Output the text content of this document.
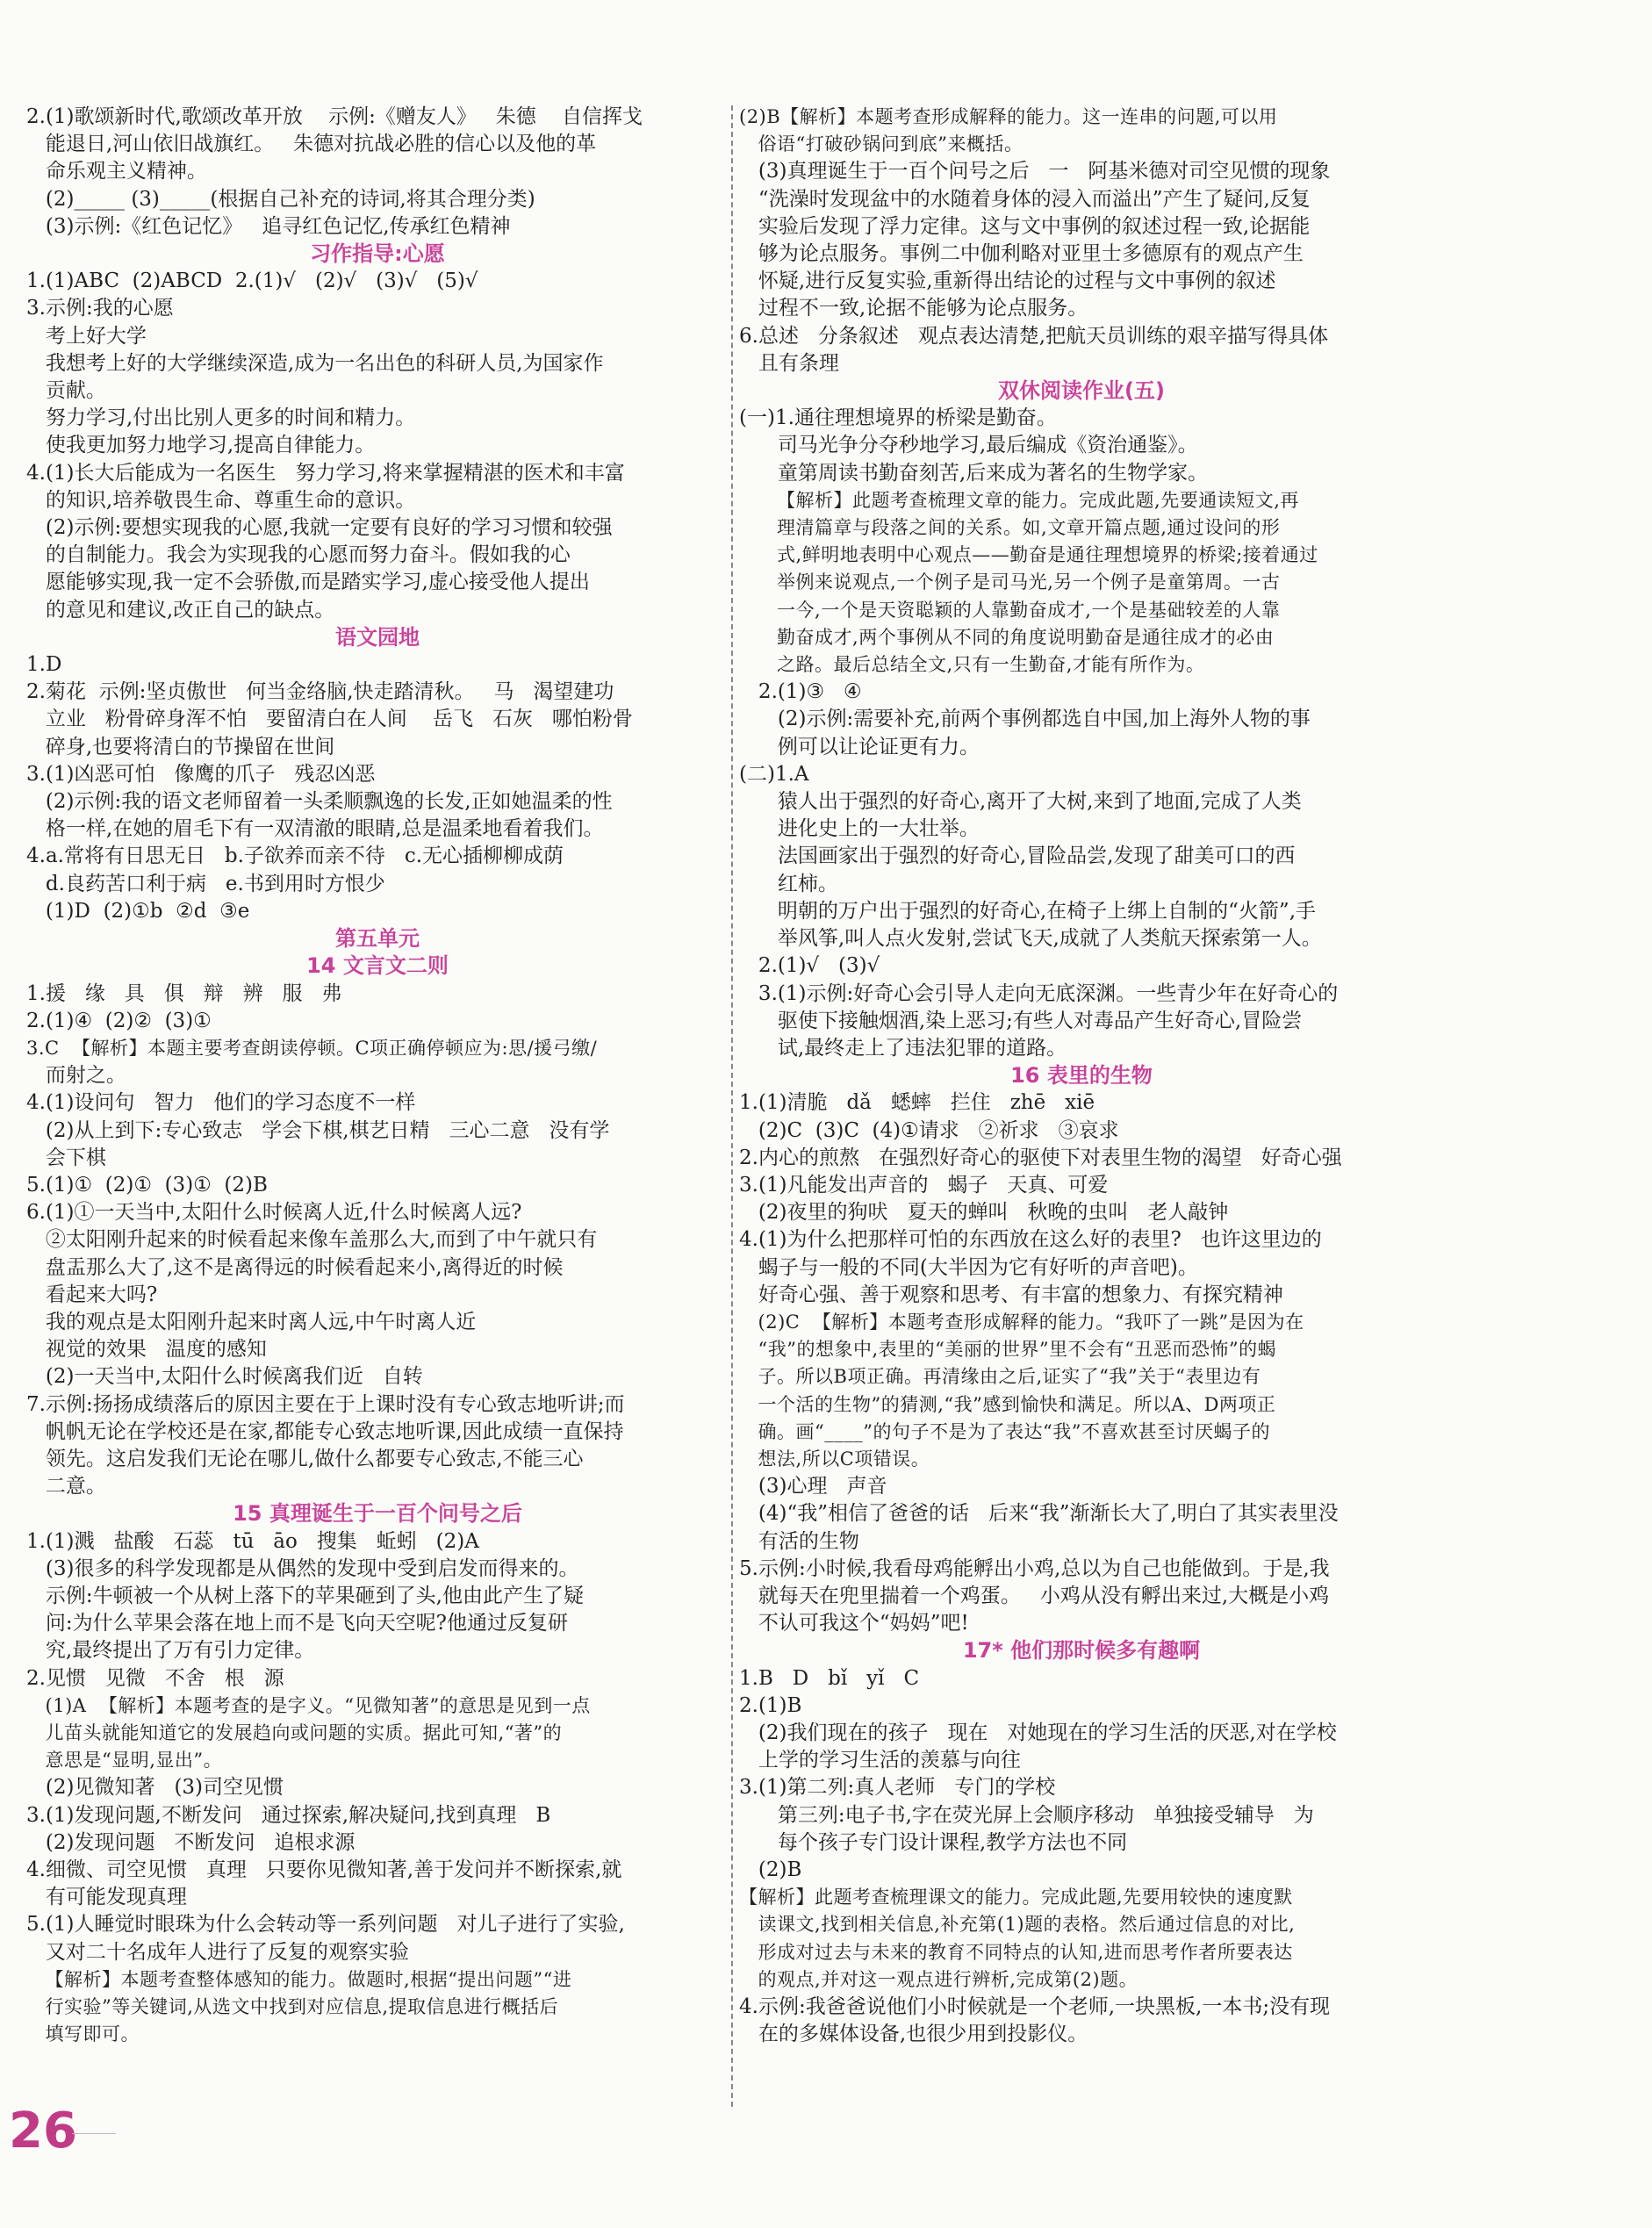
2.(1)歌颂新时代,歌颂改革开放    示例:《赠友人》   朱德    自信挥戈
能退日,河山依旧战旗红。   朱德对抗战必胜的信心以及他的革
命乐观主义精神。
(2)_____ (3)_____(根据自己补充的诗词,将其合理分类)
(3)示例:《红色记忆》   追寻红色记忆,传承红色精神
习作指导:心愿
1.(1)ABC  (2)ABCD  2.(1)√   (2)√   (3)√   (5)√
3.示例:我的心愿
考上好大学
我想考上好的大学继续深造,成为一名出色的科研人员,为国家作
贡献。
努力学习,付出比别人更多的时间和精力。
使我更加努力地学习,提高自律能力。
4.(1)长大后能成为一名医生   努力学习,将来掌握精湛的医术和丰富
的知识,培养敬畏生命、尊重生命的意识。
(2)示例:要想实现我的心愿,我就一定要有良好的学习习惯和较强
的自制能力。我会为实现我的心愿而努力奋斗。假如我的心
愿能够实现,我一定不会骄傲,而是踏实学习,虚心接受他人提出
的意见和建议,改正自己的缺点。
语文园地
1.D
2.菊花  示例:坚贞傲世   何当金络脑,快走踏清秋。   马   渴望建功
立业   粉骨碎身浑不怕   要留清白在人间    岳飞   石灰   哪怕粉骨
碎身,也要将清白的节操留在世间
3.(1)凶恶可怕   像鹰的爪子   残忍凶恶
(2)示例:我的语文老师留着一头柔顺飘逸的长发,正如她温柔的性
格一样,在她的眉毛下有一双清澈的眼睛,总是温柔地看着我们。
4.a.常将有日思无日   b.子欲养而亲不待   c.无心插柳柳成荫
d.良药苦口利于病   e.书到用时方恨少
(1)D  (2)①b  ②d  ③e
第五单元
14 文言文二则
1.援   缘   具   俱   辩   辨   服   弗
2.(1)④  (2)②  (3)①
3.C  【解析】本题主要考查朗读停顿。C项正确停顿应为:思/援弓缴/
而射之。
4.(1)设问句   智力   他们的学习态度不一样
(2)从上到下:专心致志   学会下棋,棋艺日精   三心二意   没有学
会下棋
5.(1)①  (2)①  (3)①  (2)B
6.(1)①一天当中,太阳什么时候离人近,什么时候离人远?
②太阳刚升起来的时候看起来像车盖那么大,而到了中午就只有
盘盂那么大了,这不是离得远的时候看起来小,离得近的时候
看起来大吗?
我的观点是太阳刚升起来时离人远,中午时离人近
视觉的效果   温度的感知
(2)一天当中,太阳什么时候离我们近   自转
7.示例:扬扬成绩落后的原因主要在于上课时没有专心致志地听讲;而
帆帆无论在学校还是在家,都能专心致志地听课,因此成绩一直保持
领先。这启发我们无论在哪儿,做什么都要专心致志,不能三心
二意。
15 真理诞生于一百个问号之后
1.(1)溅   盐酸   石蕊   tū   āo   搜集   蚯蚓   (2)A
(3)很多的科学发现都是从偶然的发现中受到启发而得来的。
示例:牛顿被一个从树上落下的苹果砸到了头,他由此产生了疑
问:为什么苹果会落在地上而不是飞向天空呢?他通过反复研
究,最终提出了万有引力定律。
2.见惯   见微   不舍   根   源
(1)A  【解析】本题考查的是字义。“见微知著”的意思是见到一点
儿苗头就能知道它的发展趋向或问题的实质。据此可知,“著”的
意思是“显明,显出”。
(2)见微知著   (3)司空见惯
3.(1)发现问题,不断发问   通过探索,解决疑问,找到真理   B
(2)发现问题   不断发问   追根求源
4.细微、司空见惯   真理   只要你见微知著,善于发问并不断探索,就
有可能发现真理
5.(1)人睡觉时眼珠为什么会转动等一系列问题   对儿子进行了实验,
又对二十名成年人进行了反复的观察实验
【解析】本题考查整体感知的能力。做题时,根据“提出问题”“进
行实验”等关键词,从选文中找到对应信息,提取信息进行概括后
填写即可。
(2)B【解析】本题考查形成解释的能力。这一连串的问题,可以用
俗语“打破砂锅问到底”来概括。
(3)真理诞生于一百个问号之后   一   阿基米德对司空见惯的现象
“洗澡时发现盆中的水随着身体的浸入而溢出”产生了疑问,反复
实验后发现了浮力定律。这与文中事例的叙述过程一致,论据能
够为论点服务。事例二中伽利略对亚里士多德原有的观点产生
怀疑,进行反复实验,重新得出结论的过程与文中事例的叙述
过程不一致,论据不能够为论点服务。
6.总述   分条叙述   观点表达清楚,把航天员训练的艰辛描写得具体
且有条理
双休阅读作业(五)
(一)1.通往理想境界的桥梁是勤奋。
司马光争分夺秒地学习,最后编成《资治通鉴》。
童第周读书勤奋刻苦,后来成为著名的生物学家。
【解析】此题考查梳理文章的能力。完成此题,先要通读短文,再
理清篇章与段落之间的关系。如,文章开篇点题,通过设问的形
式,鲜明地表明中心观点——勤奋是通往理想境界的桥梁;接着通过
举例来说观点,一个例子是司马光,另一个例子是童第周。一古
一今,一个是天资聪颖的人靠勤奋成才,一个是基础较差的人靠
勤奋成才,两个事例从不同的角度说明勤奋是通往成才的必由
之路。最后总结全文,只有一生勤奋,才能有所作为。
2.(1)③   ④
(2)示例:需要补充,前两个事例都选自中国,加上海外人物的事
例可以让论证更有力。
(二)1.A
猿人出于强烈的好奇心,离开了大树,来到了地面,完成了人类
进化史上的一大壮举。
法国画家出于强烈的好奇心,冒险品尝,发现了甜美可口的西
红柿。
明朝的万户出于强烈的好奇心,在椅子上绑上自制的“火箭”,手
举风筝,叫人点火发射,尝试飞天,成就了人类航天探索第一人。
2.(1)√   (3)√
3.(1)示例:好奇心会引导人走向无底深渊。一些青少年在好奇心的
驱使下接触烟酒,染上恶习;有些人对毒品产生好奇心,冒险尝
试,最终走上了违法犯罪的道路。
16 表里的生物
1.(1)清脆   dǎ   蟋蟀   拦住   zhē   xiē
(2)C  (3)C  (4)①请求   ②祈求   ③哀求
2.内心的煎熬   在强烈好奇心的驱使下对表里生物的渴望   好奇心强
3.(1)凡能发出声音的   蝎子   天真、可爱
(2)夜里的狗吠   夏天的蝉叫   秋晚的虫叫   老人敲钟
4.(1)为什么把那样可怕的东西放在这么好的表里?   也许这里边的
蝎子与一般的不同(大半因为它有好听的声音吧)。
好奇心强、善于观察和思考、有丰富的想象力、有探究精神
(2)C  【解析】本题考查形成解释的能力。“我吓了一跳”是因为在
“我”的想象中,表里的“美丽的世界”里不会有“丑恶而恐怖”的蝎
子。所以B项正确。再清缘由之后,证实了“我”关于“表里边有
一个活的生物”的猜测,“我”感到愉快和满足。所以A、D两项正
确。画“____”的句子不是为了表达“我”不喜欢甚至讨厌蝎子的
想法,所以C项错误。
(3)心理   声音
(4)“我”相信了爸爸的话   后来“我”渐渐长大了,明白了其实表里没
有活的生物
5.示例:小时候,我看母鸡能孵出小鸡,总以为自己也能做到。于是,我
就每天在兜里揣着一个鸡蛋。   小鸡从没有孵出来过,大概是小鸡
不认可我这个“妈妈”吧!
17* 他们那时候多有趣啊
1.B   D   bǐ   yǐ   C
2.(1)B
(2)我们现在的孩子   现在   对她现在的学习生活的厌恶,对在学校
上学的学习生活的羡慕与向往
3.(1)第二列:真人老师   专门的学校
第三列:电子书,字在荧光屏上会顺序移动   单独接受辅导   为
每个孩子专门设计课程,教学方法也不同
(2)B
【解析】此题考查梳理课文的能力。完成此题,先要用较快的速度默
读课文,找到相关信息,补充第(1)题的表格。然后通过信息的对比,
形成对过去与未来的教育不同特点的认知,进而思考作者所要表达
的观点,并对这一观点进行辨析,完成第(2)题。
4.示例:我爸爸说他们小时候就是一个老师,一块黑板,一本书;没有现
在的多媒体设备,也很少用到投影仪。
26
